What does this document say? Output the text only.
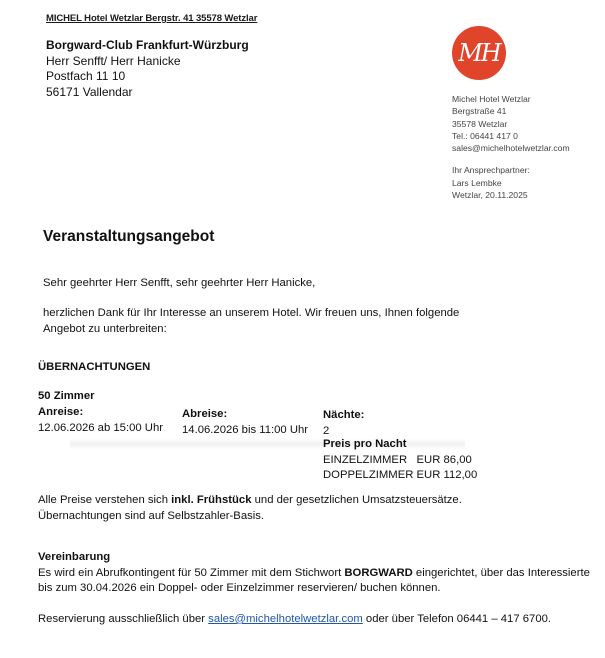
MICHEL Hotel Wetzlar Bergstr. 41 35578 Wetzlar
Borgward-Club Frankfurt-Würzburg
Herr Senfft/ Herr Hanicke
Postfach 11 10
56171 Vallendar
MH
Michel Hotel Wetzlar
Bergstraße 41
35578 Wetzlar
Tel.: 06441 417 0
sales@michelhotelwetzlar.com
Ihr Ansprechpartner:
Lars Lembke
Wetzlar, 20.11.2025
Veranstaltungsangebot
Sehr geehrter Herr Senfft, sehr geehrter Herr Hanicke,
herzlichen Dank für Ihr Interesse an unserem Hotel. Wir freuen uns, Ihnen folgende
Angebot zu unterbreiten:
ÜBERNACHTUNGEN
50 Zimmer
Anreise:
12.06.2026 ab 15:00 Uhr
Abreise:
14.06.2026 bis 11:00 Uhr
Nächte:
2
Preis pro Nacht
EINZELZIMMER   EUR 86,00
DOPPELZIMMER EUR 112,00
Alle Preise verstehen sich inkl. Frühstück und der gesetzlichen Umsatzsteuersätze.
Übernachtungen sind auf Selbstzahler-Basis.
Vereinbarung
Es wird ein Abrufkontingent für 50 Zimmer mit dem Stichwort BORGWARD eingerichtet, über das Interessierte
bis zum 30.04.2026 ein Doppel- oder Einzelzimmer reservieren/ buchen können.
Reservierung ausschließlich über sales@michelhotelwetzlar.com oder über Telefon 06441 – 417 6700.
